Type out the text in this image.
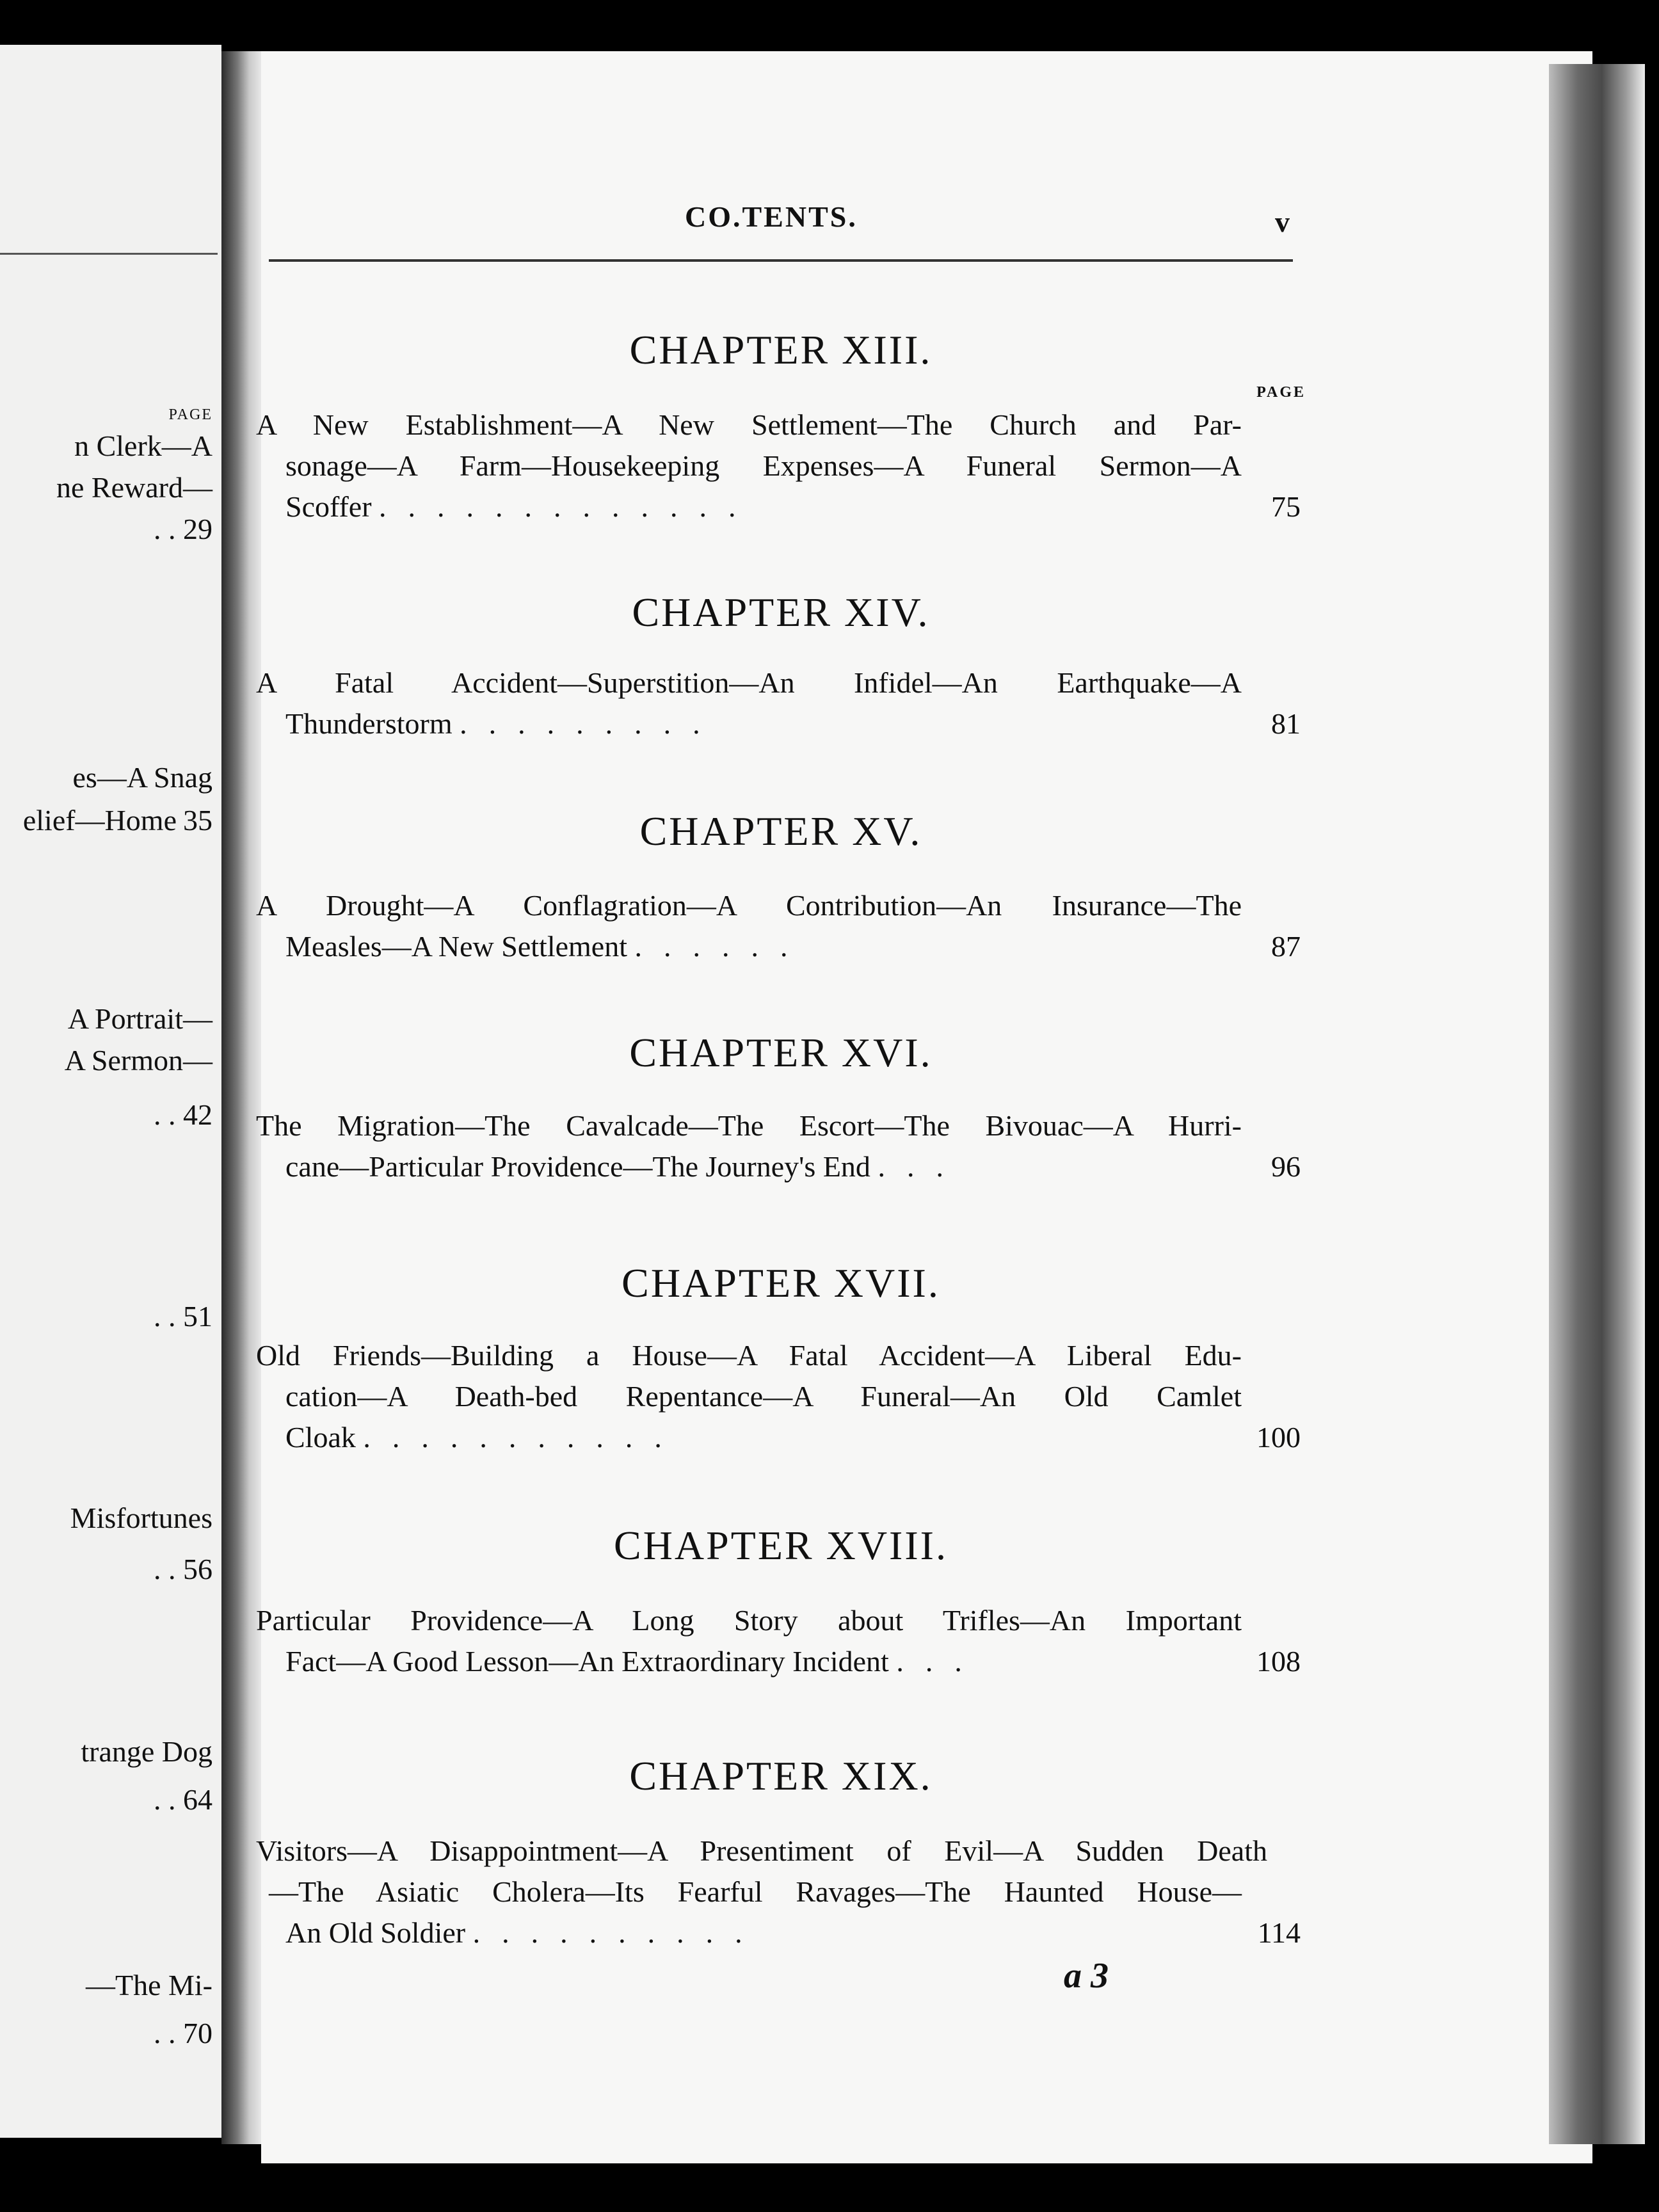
PAGE
n Clerk—A
ne Reward—
. . 29
es—A Snag
elief—Home 35
A Portrait—
A Sermon—
. . 42
. . 51
Misfortunes
. . 56
trange Dog
. . 64
—The Mi-
. . 70
CO.TENTS.	v
PAGE
CHAPTER XIII.
A New Establishment—A New Settlement—The Church and Par-
sonage—A Farm—Housekeeping Expenses—A Funeral Sermon—A
Scoffer .............	75
CHAPTER XIV.
A Fatal Accident—Superstition—An Infidel—An Earthquake—A
Thunderstorm .........	81
CHAPTER XV.
A Drought—A Conflagration—A Contribution—An Insurance—The
Measles—A New Settlement ......	87
CHAPTER XVI.
The Migration—The Cavalcade—The Escort—The Bivouac—A Hurri-
cane—Particular Providence—The Journey's End ...	96
CHAPTER XVII.
Old Friends—Building a House—A Fatal Accident—A Liberal Edu-
cation—A Death-bed Repentance—A Funeral—An Old Camlet
Cloak ...........	100
CHAPTER XVIII.
Particular Providence—A Long Story about Trifles—An Important
Fact—A Good Lesson—An Extraordinary Incident ...	108
CHAPTER XIX.
Visitors—A Disappointment—A Presentiment of Evil—A Sudden Death
—The Asiatic Cholera—Its Fearful Ravages—The Haunted House—
An Old Soldier ..........	114
a 3
